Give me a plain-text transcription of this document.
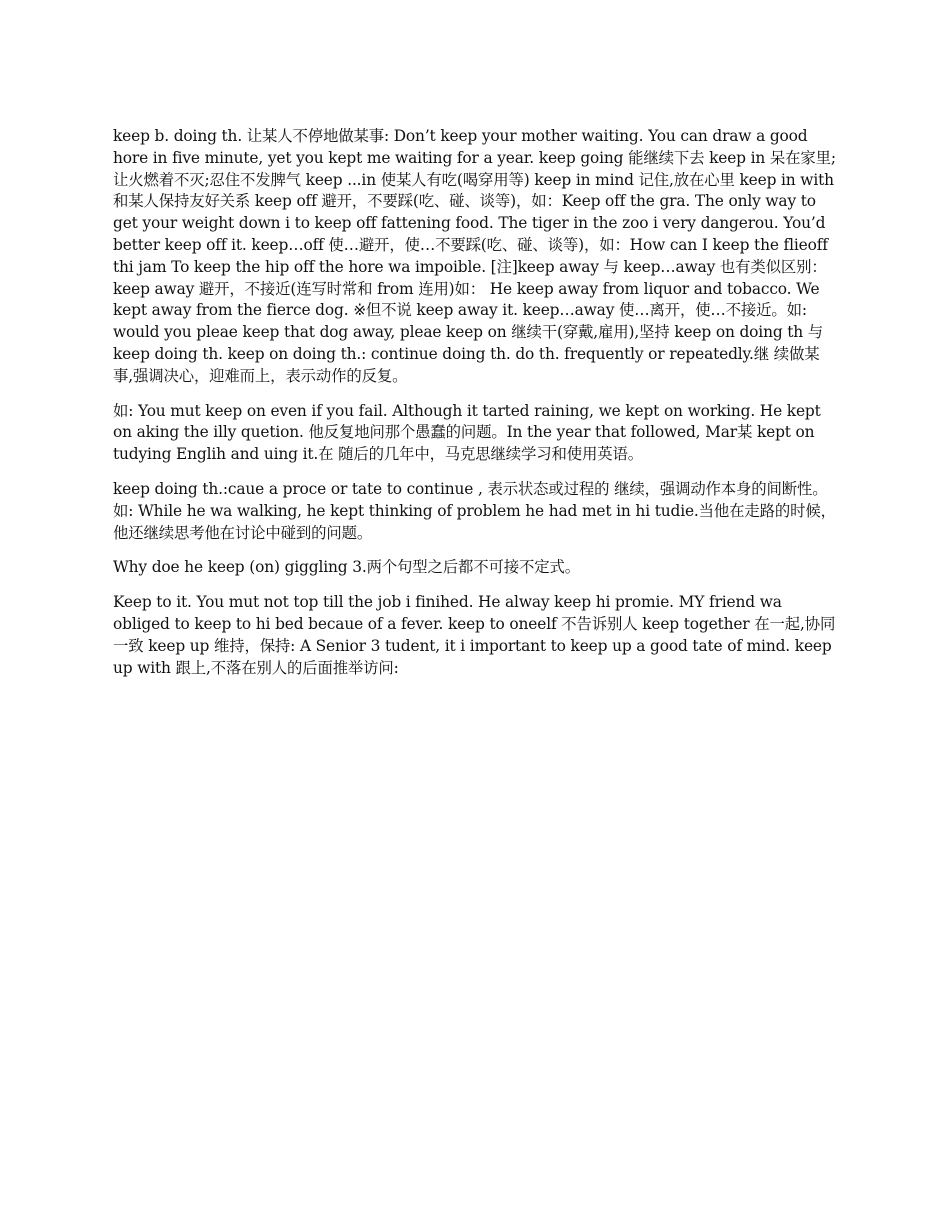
keep b. doing th. 让某人不停地做某事: Don’t keep your mother waiting. You can draw a good hore in five minute, yet you kept me waiting for a year. keep going 能继续下去 keep in 呆在家里;让火燃着不灭;忍住不发脾气 keep ...in 使某人有吃(喝穿用等) keep in mind 记住,放在心里 keep in with 和某人保持友好关系 keep off 避开，不要踩(吃、碰、谈等)，如：Keep off the gra. The only way to get your weight down i to keep off fattening food. The tiger in the zoo i very dangerou. You’d better keep off it. keep…off 使…避开，使…不要踩(吃、碰、谈等)，如：How can I keep the flieoff thi jam To keep the hip off the hore wa impoible. [注]keep away 与 keep…away 也有类似区别： keep away 避开，不接近(连写时常和 from 连用)如： He keep away from liquor and tobacco. We kept away from the fierce dog. ※但不说 keep away it. keep…away 使…离开，使…不接近。如: would you pleae keep that dog away, pleae keep on 继续干(穿戴,雇用),坚持 keep on doing th 与 keep doing th. keep on doing th.: continue doing th. do th. frequently or repeatedly.继 续做某事,强调决心，迎难而上，表示动作的反复。

如: You mut keep on even if you fail. Although it tarted raining, we kept on working. He kept on aking the illy quetion. 他反复地问那个愚蠢的问题。In the year that followed, Mar某 kept on tudying Englih and uing it.在 随后的几年中，马克思继续学习和使用英语。

keep doing th.:caue a proce or tate to continue , 表示状态或过程的 继续，强调动作本身的间断性。如: While he wa walking, he kept thinking of problem he had met in hi tudie.当他在走路的时候，他还继续思考他在讨论中碰到的问题。

Why doe he keep (on) giggling 3.两个句型之后都不可接不定式。

Keep to it. You mut not top till the job i finihed. He alway keep hi promie. MY friend wa obliged to keep to hi bed becaue of a fever. keep to oneelf 不告诉别人 keep together 在一起,协同一致 keep up 维持，保持: A Senior 3 tudent, it i important to keep up a good tate of mind. keep up with 跟上,不落在别人的后面推举访问:
